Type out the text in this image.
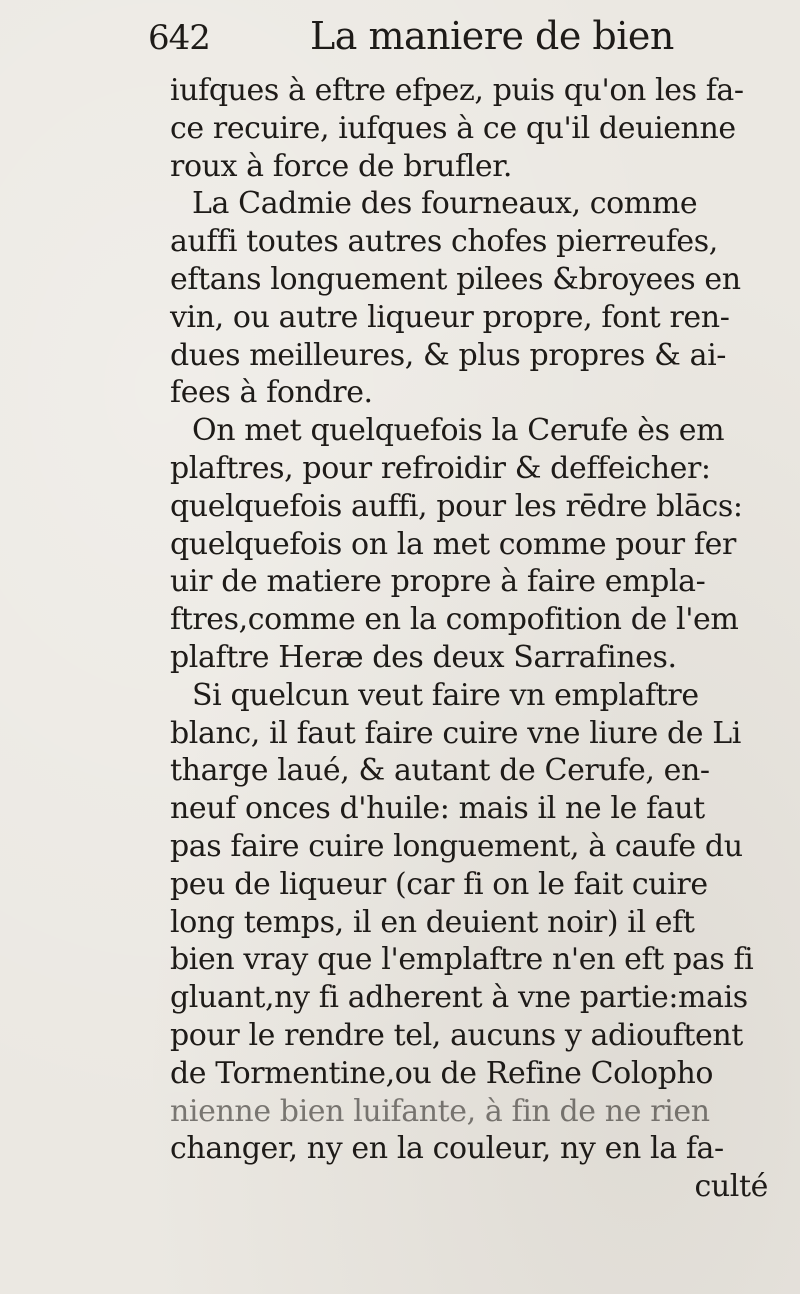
642	La maniere de bien
iufques à eftre efpez, puis qu'on les fa-
ce recuire, iufques à ce qu'il deuienne
roux à force de brufler.
La Cadmie des fourneaux, comme
auffi toutes autres chofes pierreufes,
eftans longuement pilees &broyees en
vin, ou autre liqueur propre, font ren-
dues meilleures, & plus propres & ai-
fees à fondre.
On met quelquefois la Cerufe ès em
plaftres, pour refroidir & deffeicher:
quelquefois auffi, pour les rēdre blācs:
quelquefois on la met comme pour fer
uir de matiere propre à faire empla-
ftres,comme en la compofition de l'em
plaftre Heræ des deux Sarrafines.
Si quelcun veut faire vn emplaftre
blanc, il faut faire cuire vne liure de Li
tharge laué, & autant de Cerufe, en-
neuf onces d'huile: mais il ne le faut
pas faire cuire longuement, à caufe du
peu de liqueur (car fi on le fait cuire
long temps, il en deuient noir) il eft
bien vray que l'emplaftre n'en eft pas fi
gluant,ny fi adherent à vne partie:mais
pour le rendre tel, aucuns y adiouftent
de Tormentine,ou de Refine Colopho
nienne bien luifante, à fin de ne rien
changer, ny en la couleur, ny en la fa-
culté
